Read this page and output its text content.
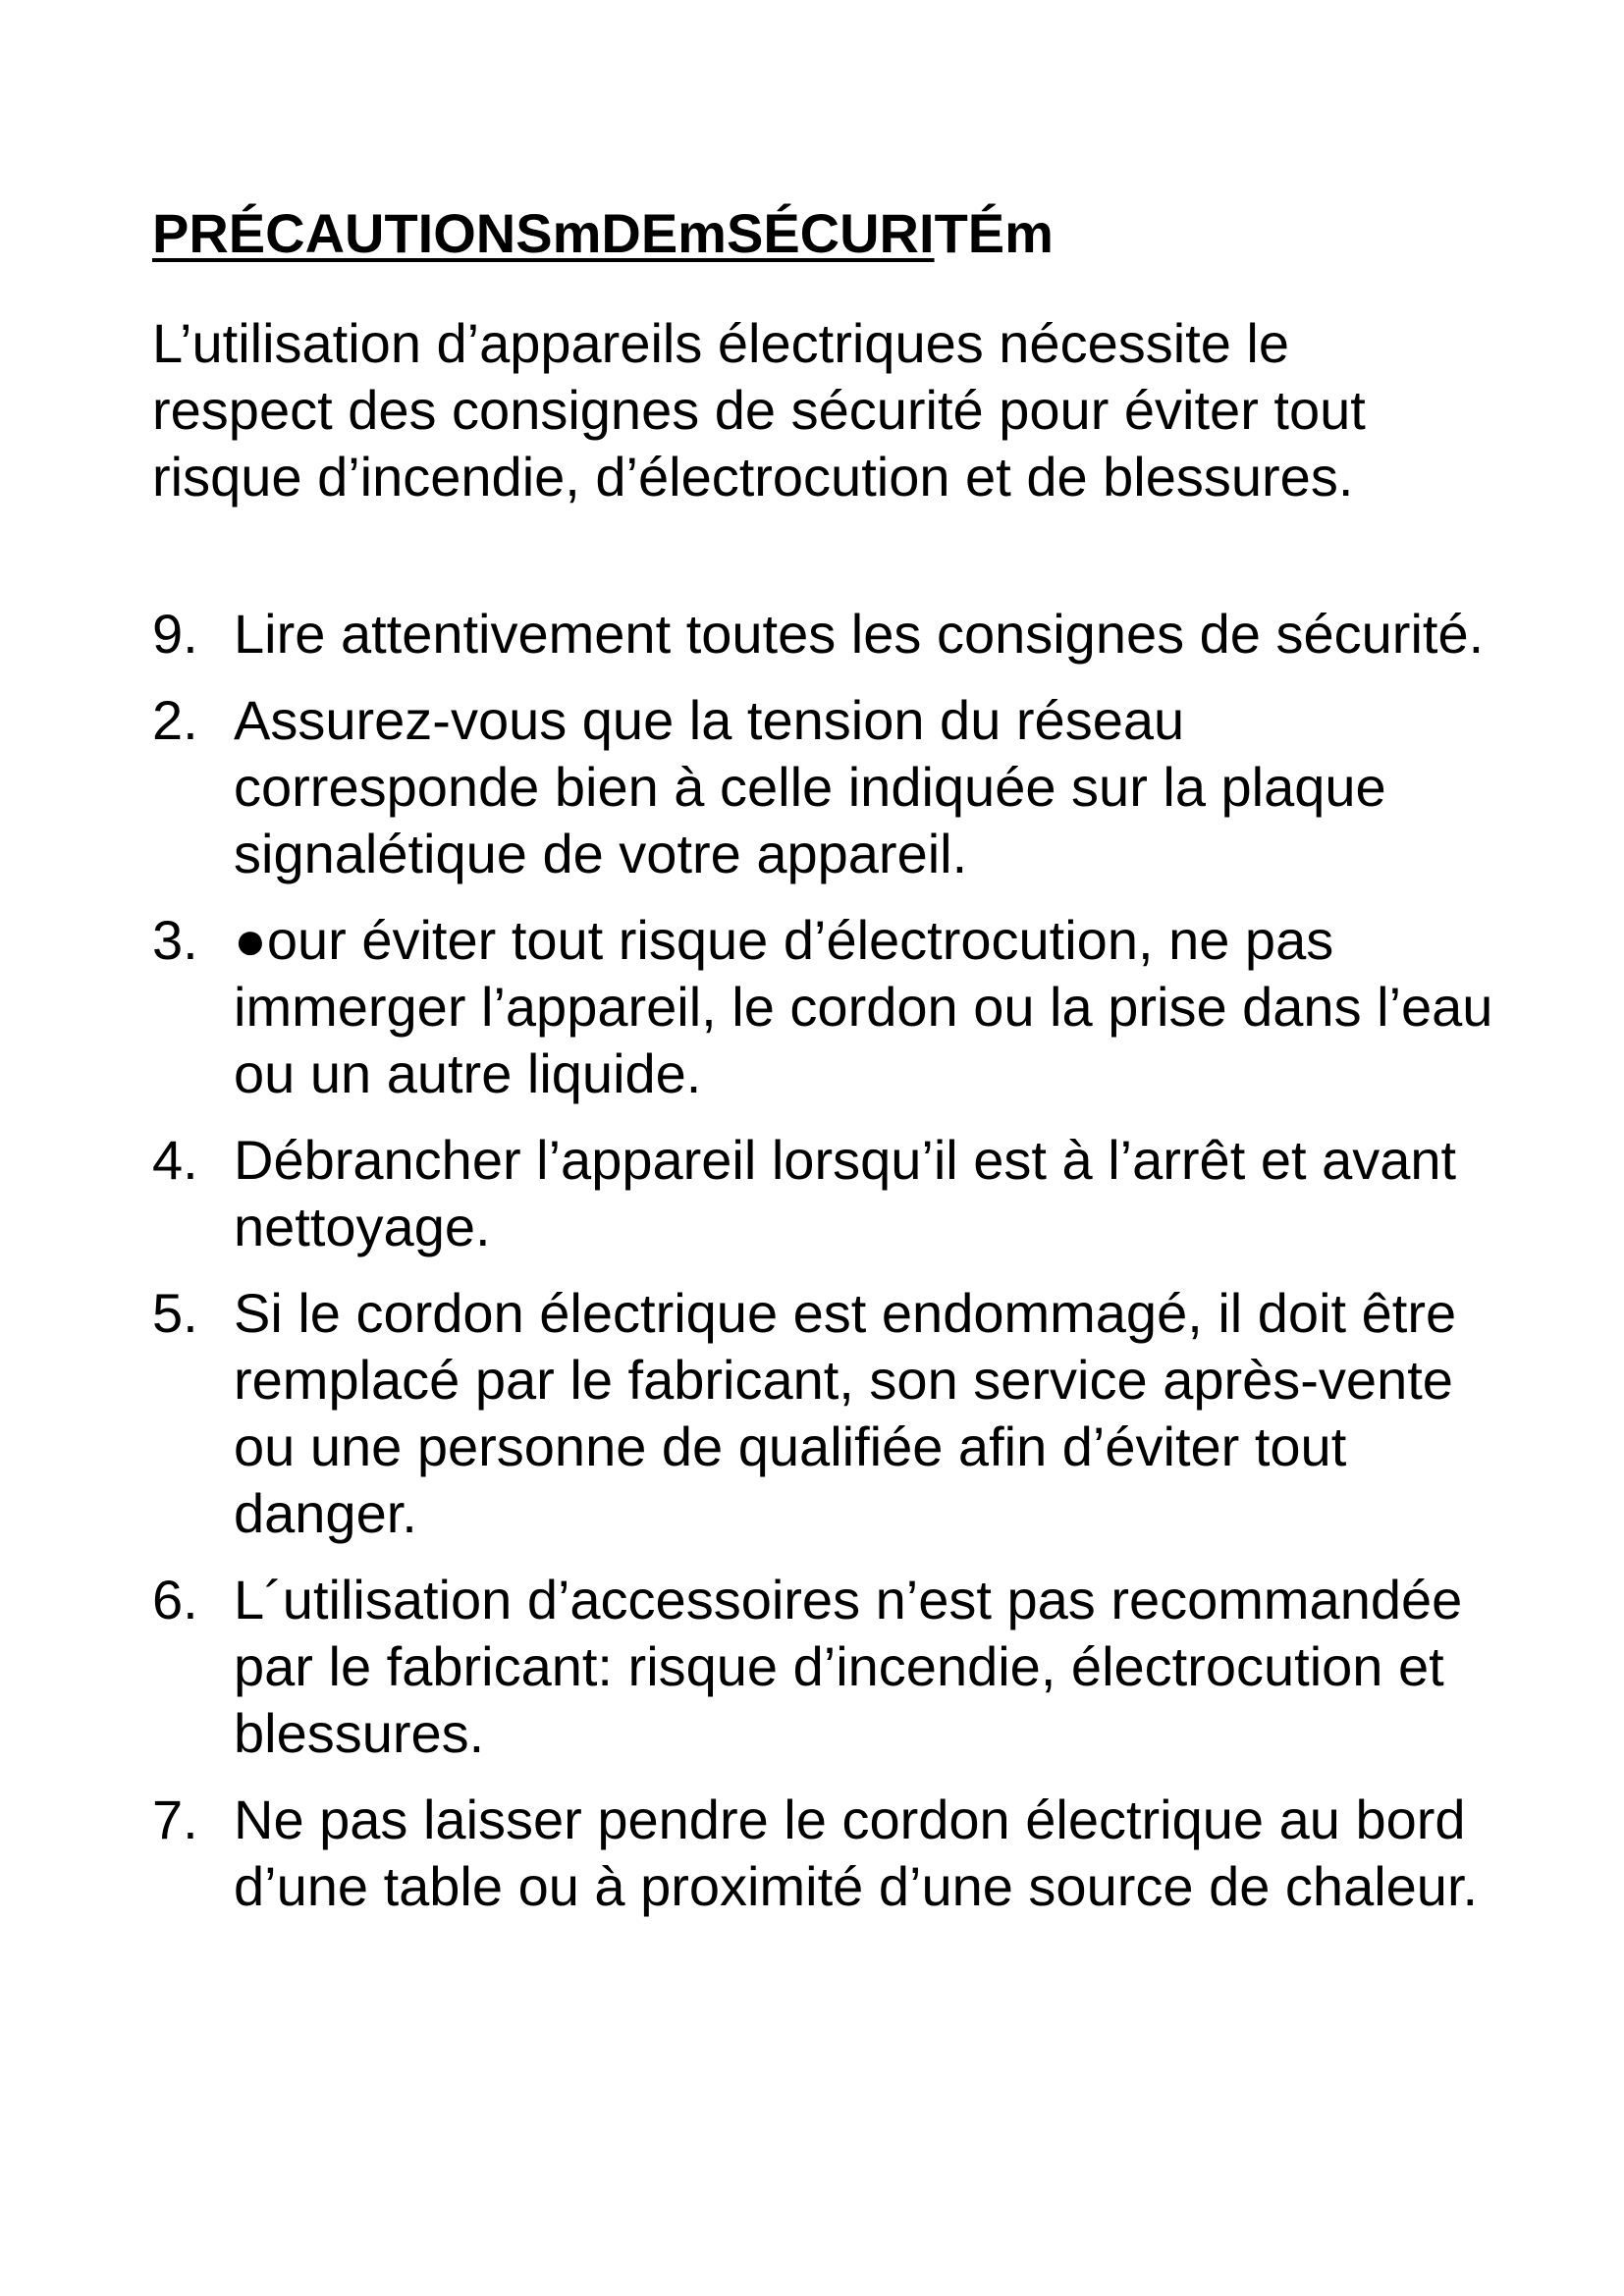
PRÉCAUTIONSmDEmSÉCURITÉm

L’utilisation d’appareils électriques nécessite le respect des consignes de sécurité pour éviter tout risque d’incendie, d’électrocution et de blessures.

9. Lire attentivement toutes les consignes de sécurité.
2. Assurez-vous que la tension du réseau corresponde bien à celle indiquée sur la plaque signalétique de votre appareil.
3. ●our éviter tout risque d’électrocution, ne pas immerger l’appareil, le cordon ou la prise dans l’eau ou un autre liquide.
4. Débrancher l’appareil lorsqu’il est à l’arrêt et avant nettoyage.
5. Si le cordon électrique est endommagé, il doit être remplacé par le fabricant, son service après-vente ou une personne de qualifiée afin d’éviter tout danger.
6. L´utilisation d’accessoires n’est pas recommandée par le fabricant: risque d’incendie, électrocution et blessures.
7. Ne pas laisser pendre le cordon électrique au bord d’une table ou à proximité d’une source de chaleur.
